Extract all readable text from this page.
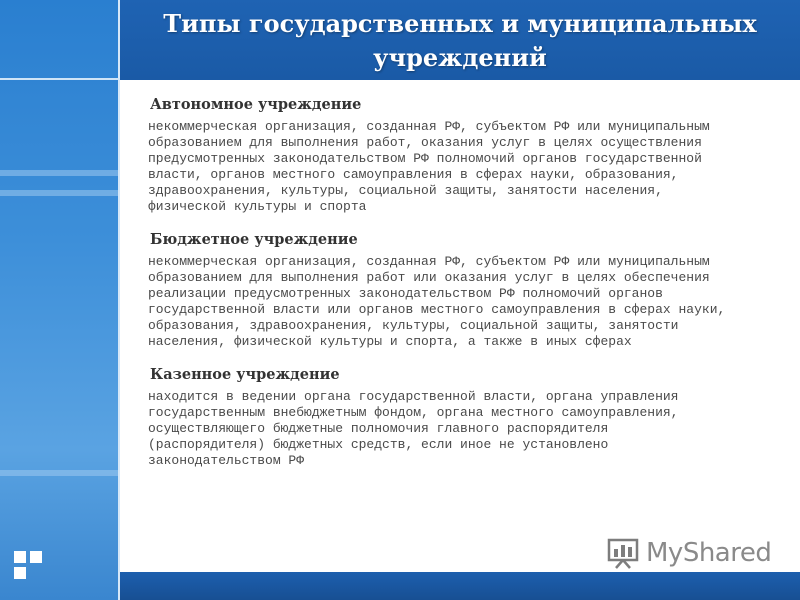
Типы государственных и муниципальных
учреждений
Автономное учреждение

некоммерческая организация, созданная РФ, субъектом РФ или муниципальным
образованием для выполнения работ, оказания услуг в целях осуществления
предусмотренных законодательством РФ полномочий органов государственной
власти, органов местного самоуправления в сферах науки, образования,
здравоохранения, культуры, социальной защиты, занятости населения,
физической культуры и спорта

Бюджетное учреждение

некоммерческая организация, созданная РФ, субъектом РФ или муниципальным
образованием для выполнения работ или оказания услуг в целях обеспечения
реализации предусмотренных законодательством РФ полномочий органов
государственной власти или органов местного самоуправления в сферах науки,
образования, здравоохранения, культуры, социальной защиты, занятости
населения, физической культуры и спорта, а также в иных сферах

Казенное учреждение

находится в ведении органа государственной власти, органа управления
государственным внебюджетным фондом, органа местного самоуправления,
осуществляющего бюджетные полномочия главного распорядителя
(распорядителя) бюджетных средств, если иное не установлено
законодательством РФ

MyShared
